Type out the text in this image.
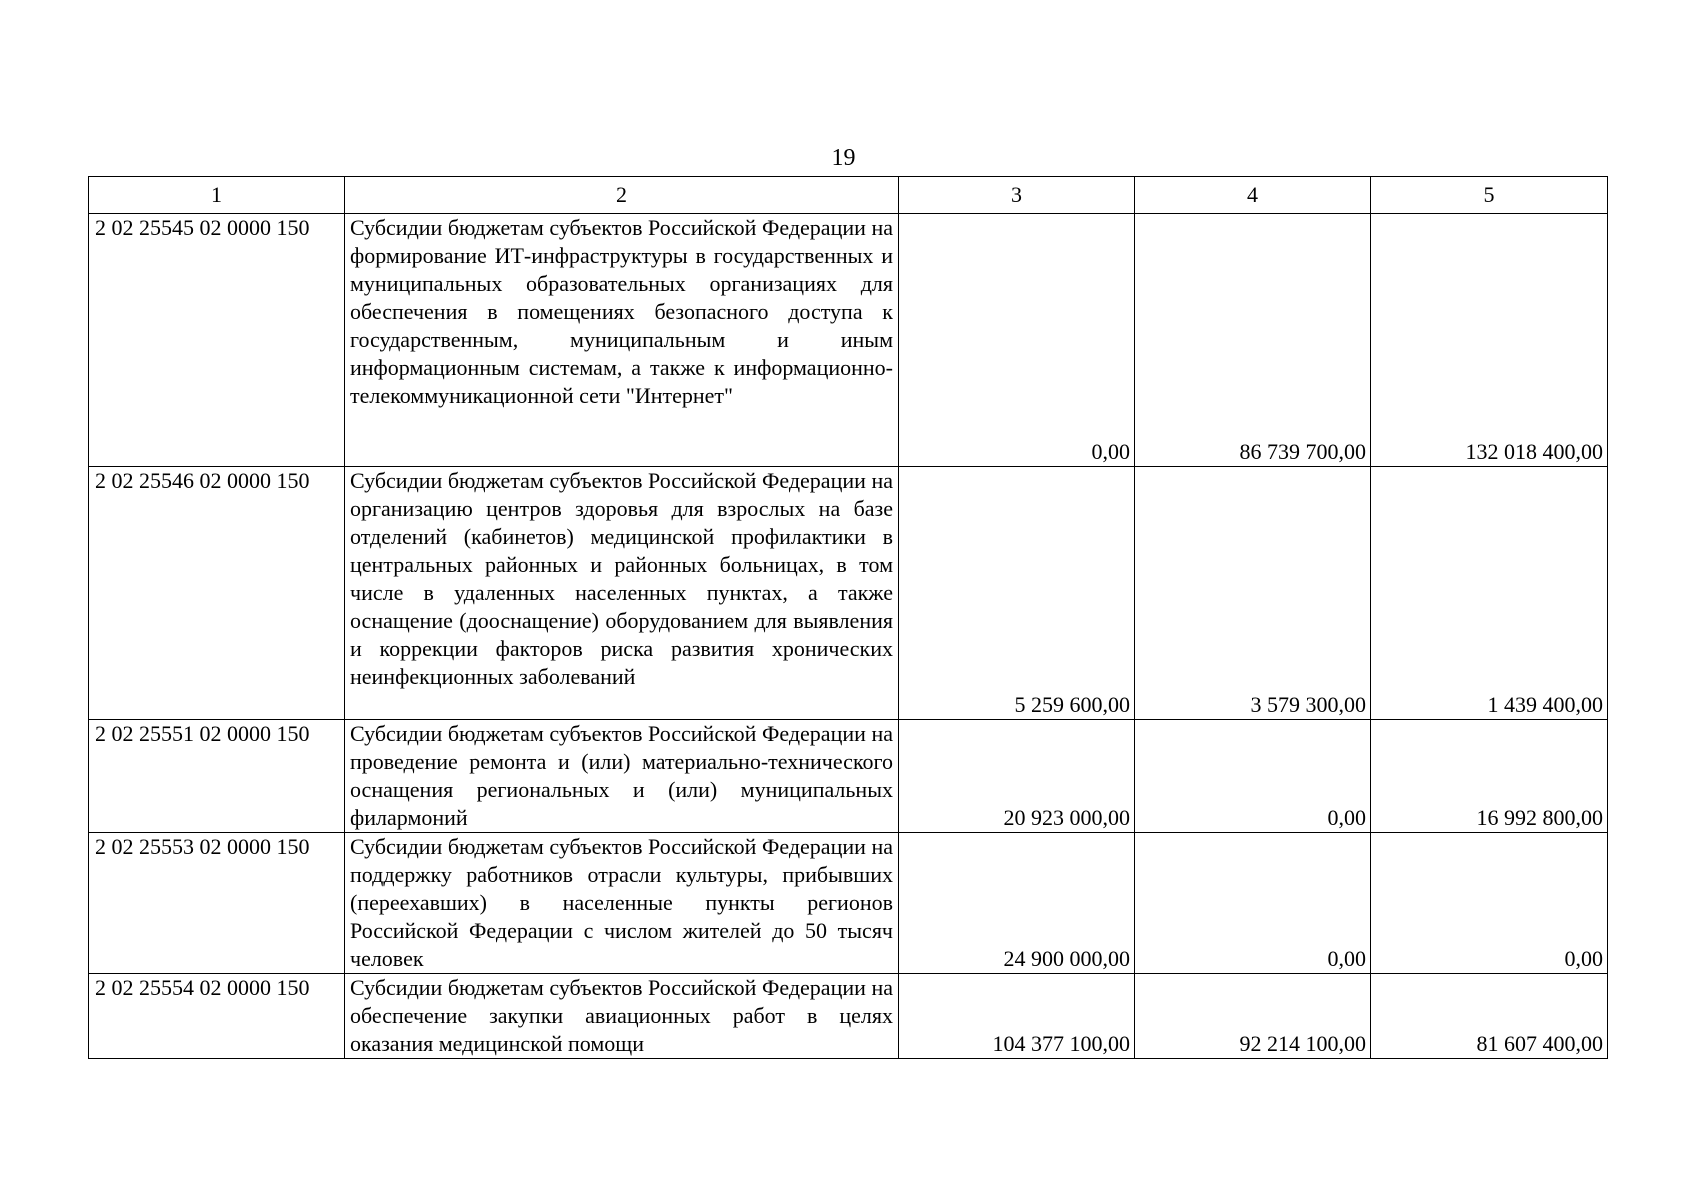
19
1	2	3	4	5
2 02 25545 02 0000 150	Субсидии бюджетам субъектов Российской Федерации на формирование ИТ-инфраструктуры в государственных и муниципальных образовательных организациях для обеспечения в помещениях безопасного доступа к государственным, муниципальным и иным информационным системам, а также к информационно-телекоммуникационной сети "Интернет"	0,00	86 739 700,00	132 018 400,00
2 02 25546 02 0000 150	Субсидии бюджетам субъектов Российской Федерации на организацию центров здоровья для взрослых на базе отделений (кабинетов) медицинской профилактики в центральных районных и районных больницах, в том числе в удаленных населенных пунктах, а также оснащение (дооснащение) оборудованием для выявления и коррекции факторов риска развития хронических неинфекционных заболеваний	5 259 600,00	3 579 300,00	1 439 400,00
2 02 25551 02 0000 150	Субсидии бюджетам субъектов Российской Федерации на проведение ремонта и (или) материально-технического оснащения региональных и (или) муниципальных филармоний	20 923 000,00	0,00	16 992 800,00
2 02 25553 02 0000 150	Субсидии бюджетам субъектов Российской Федерации на поддержку работников отрасли культуры, прибывших (переехавших) в населенные пункты регионов Российской Федерации с числом жителей до 50 тысяч человек	24 900 000,00	0,00	0,00
2 02 25554 02 0000 150	Субсидии бюджетам субъектов Российской Федерации на обеспечение закупки авиационных работ в целях оказания медицинской помощи	104 377 100,00	92 214 100,00	81 607 400,00
